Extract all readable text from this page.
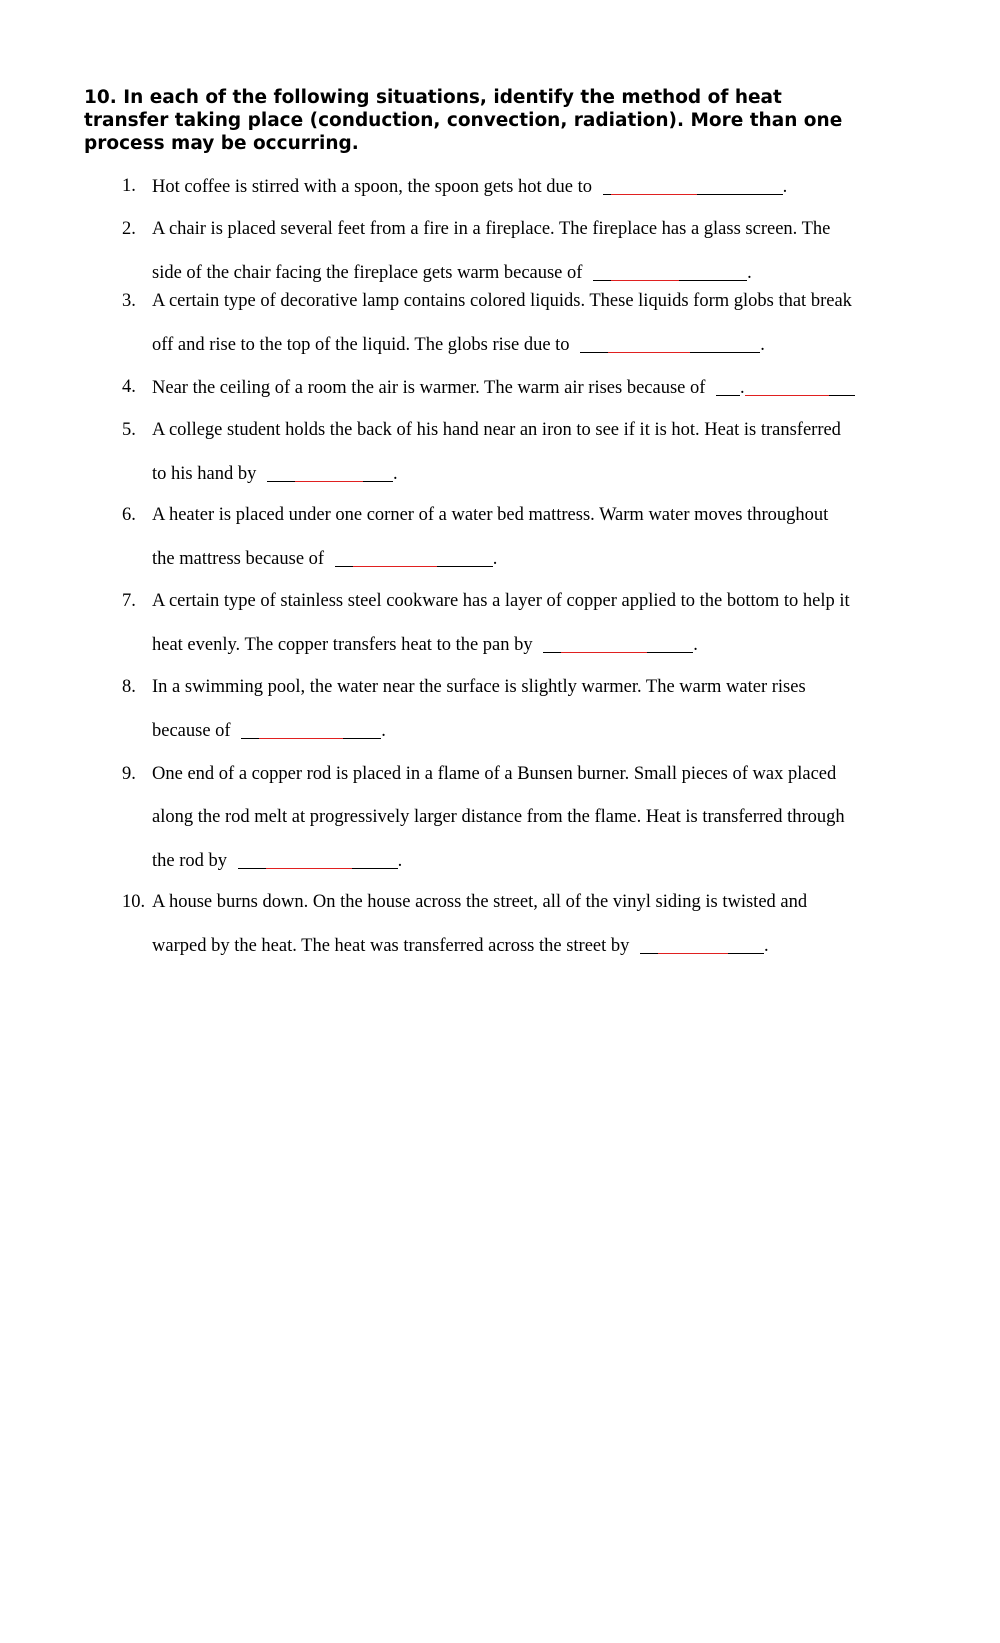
10. In each of the following situations, identify the method of heat transfer taking place (conduction, convection, radiation). More than one process may be occurring.

1. Hot coffee is stirred with a spoon, the spoon gets hot due to	.
2. A chair is placed several feet from a fire in a fireplace. The fireplace has a glass screen. The
side of the chair facing the fireplace gets warm because of	.
3. A certain type of decorative lamp contains colored liquids. These liquids form globs that break
off and rise to the top of the liquid. The globs rise due to	.
4. Near the ceiling of a room the air is warmer. The warm air rises because of .
5. A college student holds the back of his hand near an iron to see if it is hot. Heat is transferred
to his hand by	.
6. A heater is placed under one corner of a water bed mattress. Warm water moves throughout
the mattress because of	.
7. A certain type of stainless steel cookware has a layer of copper applied to the bottom to help it
heat evenly. The copper transfers heat to the pan by	.
8. In a swimming pool, the water near the surface is slightly warmer. The warm water rises
because of	.
9. One end of a copper rod is placed in a flame of a Bunsen burner. Small pieces of wax placed
along the rod melt at progressively larger distance from the flame. Heat is transferred through
the rod by	.
10. A house burns down. On the house across the street, all of the vinyl siding is twisted and
warped by the heat. The heat was transferred across the street by	.
